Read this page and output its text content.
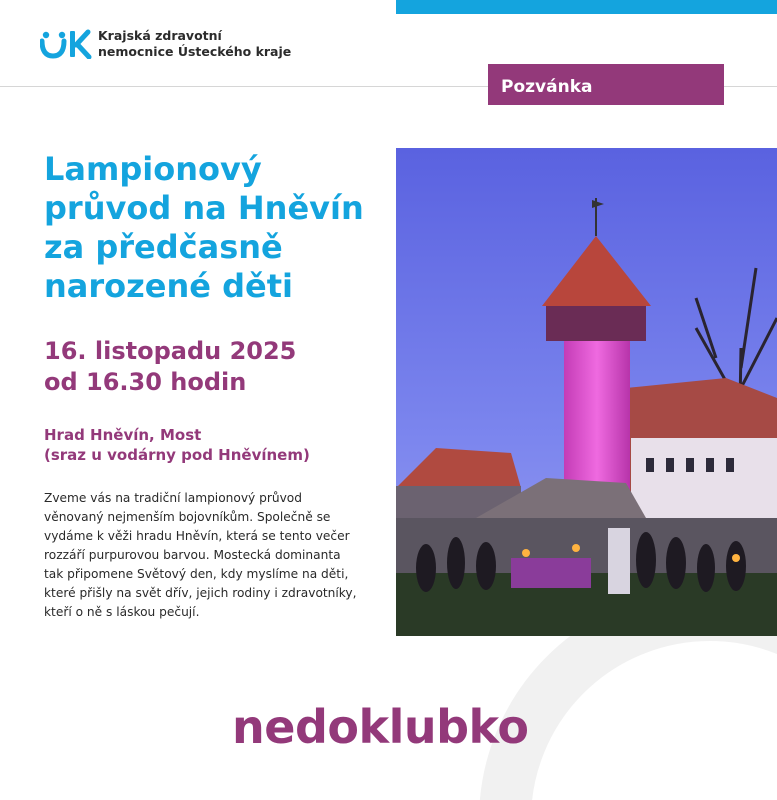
Krajská zdravotní
nemocnice Ústeckého kraje
Pozvánka
Lampionový
průvod na Hněvín
za předčasně
narozené děti
16. listopadu 2025
od 16.30 hodin
Hrad Hněvín, Most
(sraz u vodárny pod Hněvínem)
Zveme vás na tradiční lampionový průvod
věnovaný nejmenším bojovníkům. Společně se
vydáme k věži hradu Hněvín, která se tento večer
rozzáří purpurovou barvou. Mostecká dominanta
tak připomene Světový den, kdy myslíme na děti,
které přišly na svět dřív, jejich rodiny i zdravotníky,
kteří o ně s láskou pečují.
nedoklubko
